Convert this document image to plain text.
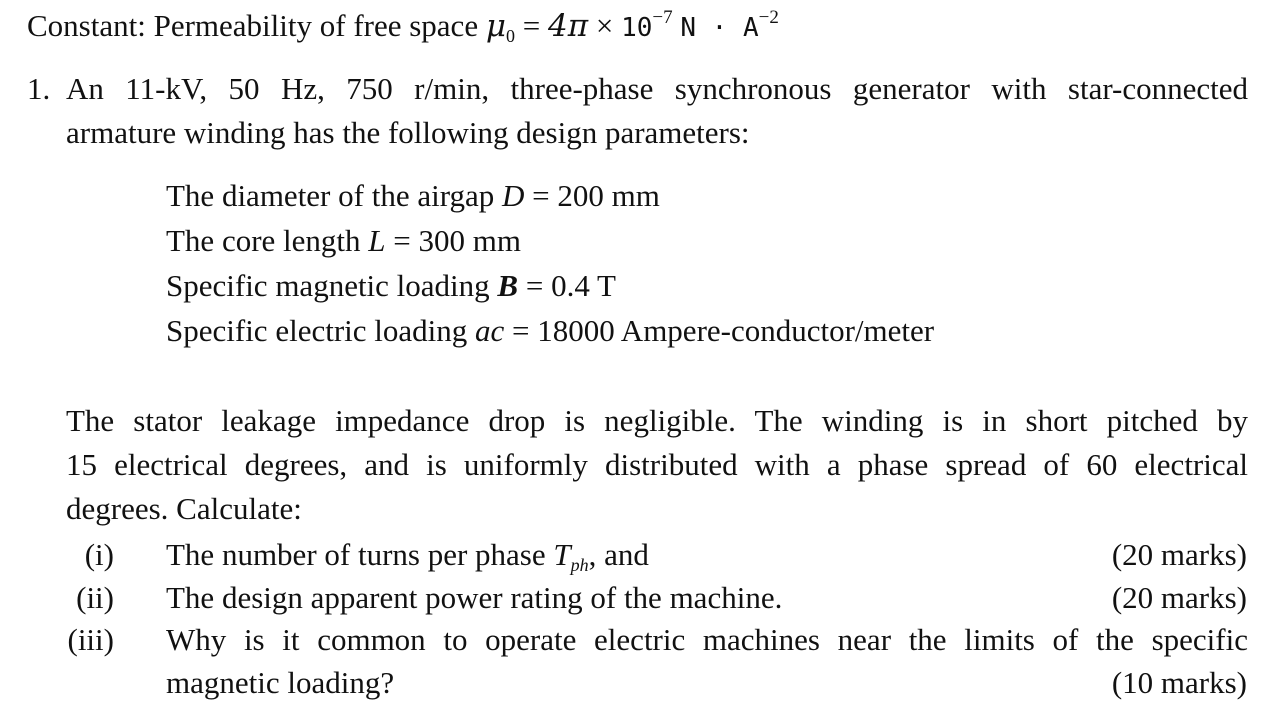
Constant: Permeability of free space $\mu_0 = 4\pi \times 10^{-7}$ $N \cdot A^{-2}$
1. An 11-kV, 50 Hz, 750 r/min, three-phase synchronous generator with star-connected
armature winding has the following design parameters:
The diameter of the airgap D = 200 mm
The core length L = 300 mm
Specific magnetic loading B = 0.4 T
Specific electric loading ac = 18000 Ampere-conductor/meter
The stator leakage impedance drop is negligible. The winding is in short pitched by
15 electrical degrees, and is uniformly distributed with a phase spread of 60 electrical
degrees. Calculate:
(i) The number of turns per phase $T_{ph}$, and	(20 marks)
(ii) The design apparent power rating of the machine.	(20 marks)
(iii) Why is it common to operate electric machines near the limits of the specific
magnetic loading?	(10 marks)
